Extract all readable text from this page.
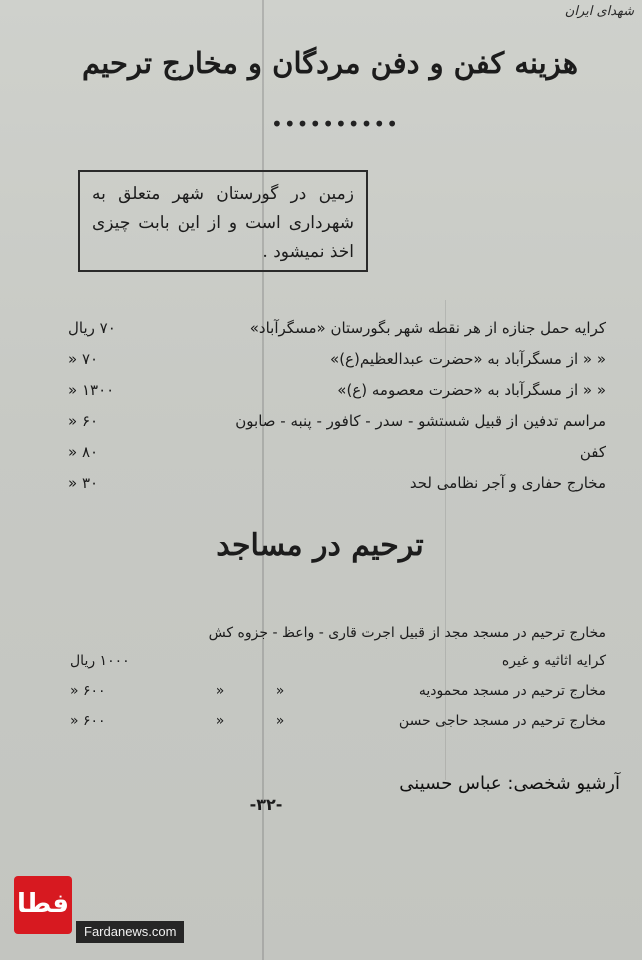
شهدای ایران
هزینه کفن و دفن مردگان و مخارج ترحیم
••••••••••
زمین در گورستان شهر متعلق به شهرداری است و از این بابت چیزی اخذ نمیشود .
کرایه حمل جنازه از هر نقطه شهر بگورستان «مسگرآباد»
۷۰ ریال
« « از مسگرآباد به «حضرت عبدالعظیم(ع)»
۷۰ «
« « از مسگرآباد به «حضرت معصومه (ع)»
۱۳۰۰ «
مراسم تدفین از قبیل شستشو - سدر - کافور - پنبه - صابون
۶۰ «
کفن
۸۰ «
مخارج حفاری و آجر نظامی لحد
۳۰ «
ترحیم در مساجد
مخارج ترحیم در مسجد مجد از قبیل اجرت قاری - واعظ - جزوه کش
کرایه اثاثیه و غیره
۱۰۰۰ ریال
مخارج ترحیم در مسجد محمودیه
«
«
۶۰۰ «
مخارج ترحیم در مسجد حاجی حسن
«
«
۶۰۰ «
آرشیو شخصی: عباس حسینی
-۳۲-
فطا
Fardanews.com
